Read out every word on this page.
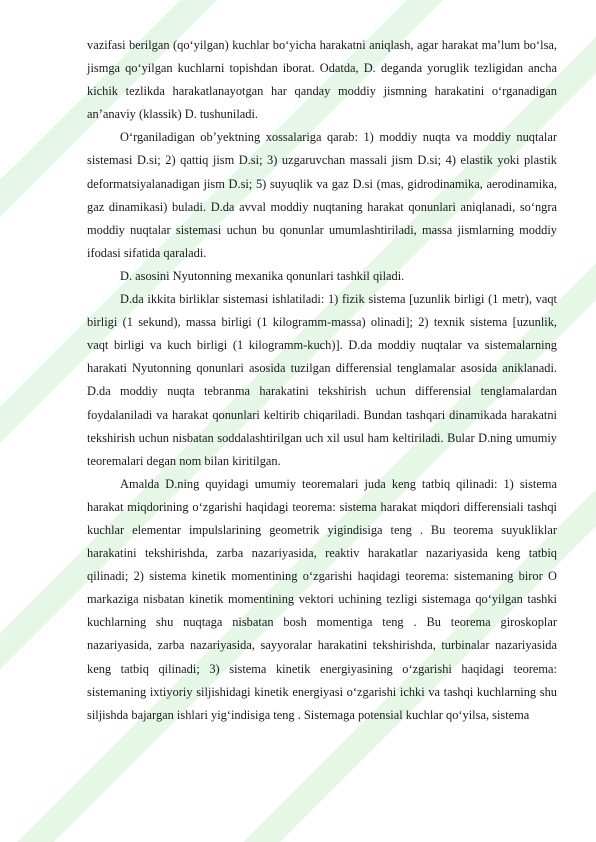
vazifasi berilgan (qo‘yilgan) kuchlar bo‘yicha harakatni aniqlash, agar harakat ma’lum bo‘lsa, jismga qo‘yilgan kuchlarni topishdan iborat. Odatda, D. deganda yoruglik tezligidan ancha kichik tezlikda harakatlanayotgan har qanday moddiy jismning harakatini o‘rganadigan an’anaviy (klassik) D. tushuniladi.

O‘rganiladigan ob’yektning xossalariga qarab: 1) moddiy nuqta va moddiy nuqtalar sistemasi D.si; 2) qattiq jism D.si; 3) uzgaruvchan massali jism D.si; 4) elastik yoki plastik deformatsiyalanadigan jism D.si; 5) suyuqlik va gaz D.si (mas, gidrodinamika, aerodinamika, gaz dinamikasi) buladi. D.da avval moddiy nuqtaning harakat qonunlari aniqlanadi, so‘ngra moddiy nuqtalar sistemasi uchun bu qonunlar umumlashtiriladi, massa jismlarning moddiy ifodasi sifatida qaraladi.

D. asosini Nyutonning mexanika qonunlari tashkil qiladi.

D.da ikkita birliklar sistemasi ishlatiladi: 1) fizik sistema [uzunlik birligi (1 metr), vaqt birligi (1 sekund), massa birligi (1 kilogramm-massa) olinadi]; 2) texnik sistema [uzunlik, vaqt birligi va kuch birligi (1 kilogramm-kuch)]. D.da moddiy nuqtalar va sistemalarning harakati Nyutonning qonunlari asosida tuzilgan differensial tenglamalar asosida aniklanadi. D.da moddiy nuqta tebranma harakatini tekshirish uchun differensial tenglamalardan foydalaniladi va harakat qonunlari keltirib chiqariladi. Bundan tashqari dinamikada harakatni tekshirish uchun nisbatan soddalashtirilgan uch xil usul ham keltiriladi. Bular D.ning umumiy teoremalari degan nom bilan kiritilgan.

Amalda D.ning quyidagi umumiy teoremalari juda keng tatbiq qilinadi: 1) sistema harakat miqdorining o‘zgarishi haqidagi teorema: sistema harakat miqdori differensiali tashqi kuchlar elementar impulslarining geometrik yigindisiga teng . Bu teorema suyukliklar harakatini tekshirishda, zarba nazariyasida, reaktiv harakatlar nazariyasida keng tatbiq qilinadi; 2) sistema kinetik momentining o‘zgarishi haqidagi teorema: sistemaning biror O markaziga nisbatan kinetik momentining vektori uchining tezligi sistemaga qo‘yilgan tashki kuchlarning shu nuqtaga nisbatan bosh momentiga teng . Bu teorema giroskoplar nazariyasida, zarba nazariyasida, sayyoralar harakatini tekshirishda, turbinalar nazariyasida keng tatbiq qilinadi; 3) sistema kinetik energiyasining o‘zgarishi haqidagi teorema: sistemaning ixtiyoriy siljishidagi kinetik energiyasi o‘zgarishi ichki va tashqi kuchlarning shu siljishda bajargan ishlari yig‘indisiga teng . Sistemaga potensial kuchlar qo‘yilsa, sistema
